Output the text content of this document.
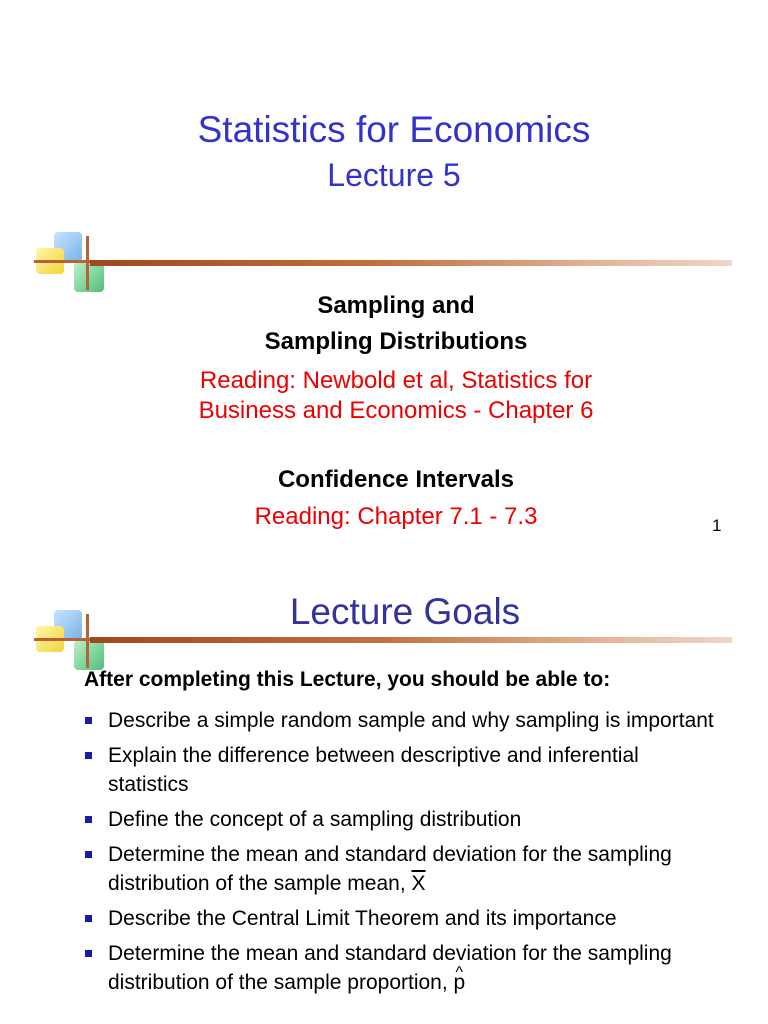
Statistics for Economics
Lecture 5
Sampling and
Sampling Distributions
Reading: Newbold et al, Statistics for
Business and Economics - Chapter 6
Confidence Intervals
Reading: Chapter 7.1 - 7.3	1
Lecture Goals
After completing this Lecture, you should be able to:
Describe a simple random sample and why sampling is important
Explain the difference between descriptive and inferential statistics
Define the concept of a sampling distribution
Determine the mean and standard deviation for the sampling distribution of the sample mean, $\overline{X}$
Describe the Central Limit Theorem and its importance
Determine the mean and standard deviation for the sampling distribution of the sample proportion, ^ p
